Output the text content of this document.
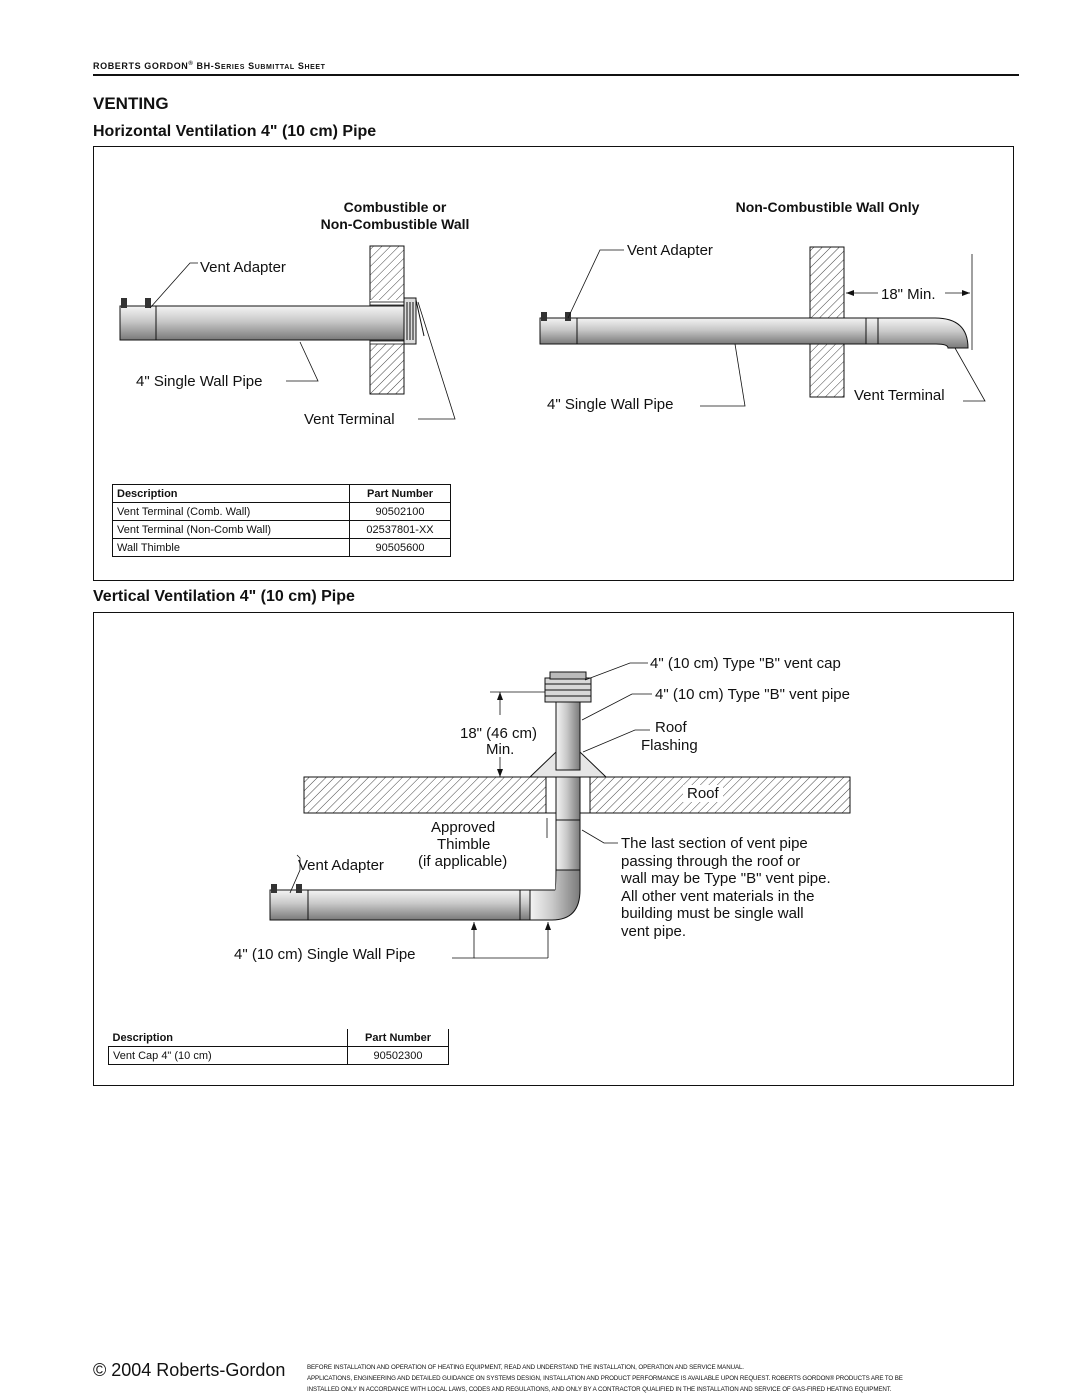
ROBERTS GORDON® BH-SERIES SUBMITTAL SHEET
VENTING
Horizontal Ventilation 4" (10 cm) Pipe
Combustible or
Non-Combustible Wall
Non-Combustible Wall Only
Vent Adapter
4" Single Wall Pipe
Vent Terminal
Vent Adapter
18" Min.
4" Single Wall Pipe
Vent Terminal
Description	Part Number
Vent Terminal (Comb. Wall)	90502100
Vent Terminal (Non-Comb Wall)	02537801-XX
Wall Thimble	90505600
Vertical Ventilation 4" (10 cm) Pipe
4" (10 cm) Type "B" vent cap
4" (10 cm) Type "B" vent pipe
18" (46 cm)
Min.
Roof
Flashing
Roof
Approved
Thimble
(if applicable)
Vent Adapter
4" (10 cm) Single Wall Pipe
The last section of vent pipe
passing through the roof or
wall may be Type "B" vent pipe.
All other vent materials in the
building must be single wall
vent pipe.
Description	Part Number
Vent Cap 4" (10 cm)	90502300
© 2004 Roberts-Gordon	BEFORE INSTALLATION AND OPERATION OF HEATING EQUIPMENT, READ AND UNDERSTAND THE INSTALLATION, OPERATION AND SERVICE MANUAL.
APPLICATIONS, ENGINEERING AND DETAILED GUIDANCE ON SYSTEMS DESIGN, INSTALLATION AND PRODUCT PERFORMANCE IS AVAILABLE UPON REQUEST. ROBERTS GORDON® PRODUCTS ARE TO BE
INSTALLED ONLY IN ACCORDANCE WITH LOCAL LAWS, CODES AND REGULATIONS, AND ONLY BY A CONTRACTOR QUALIFIED IN THE INSTALLATION AND SERVICE OF GAS-FIRED HEATING EQUIPMENT.
